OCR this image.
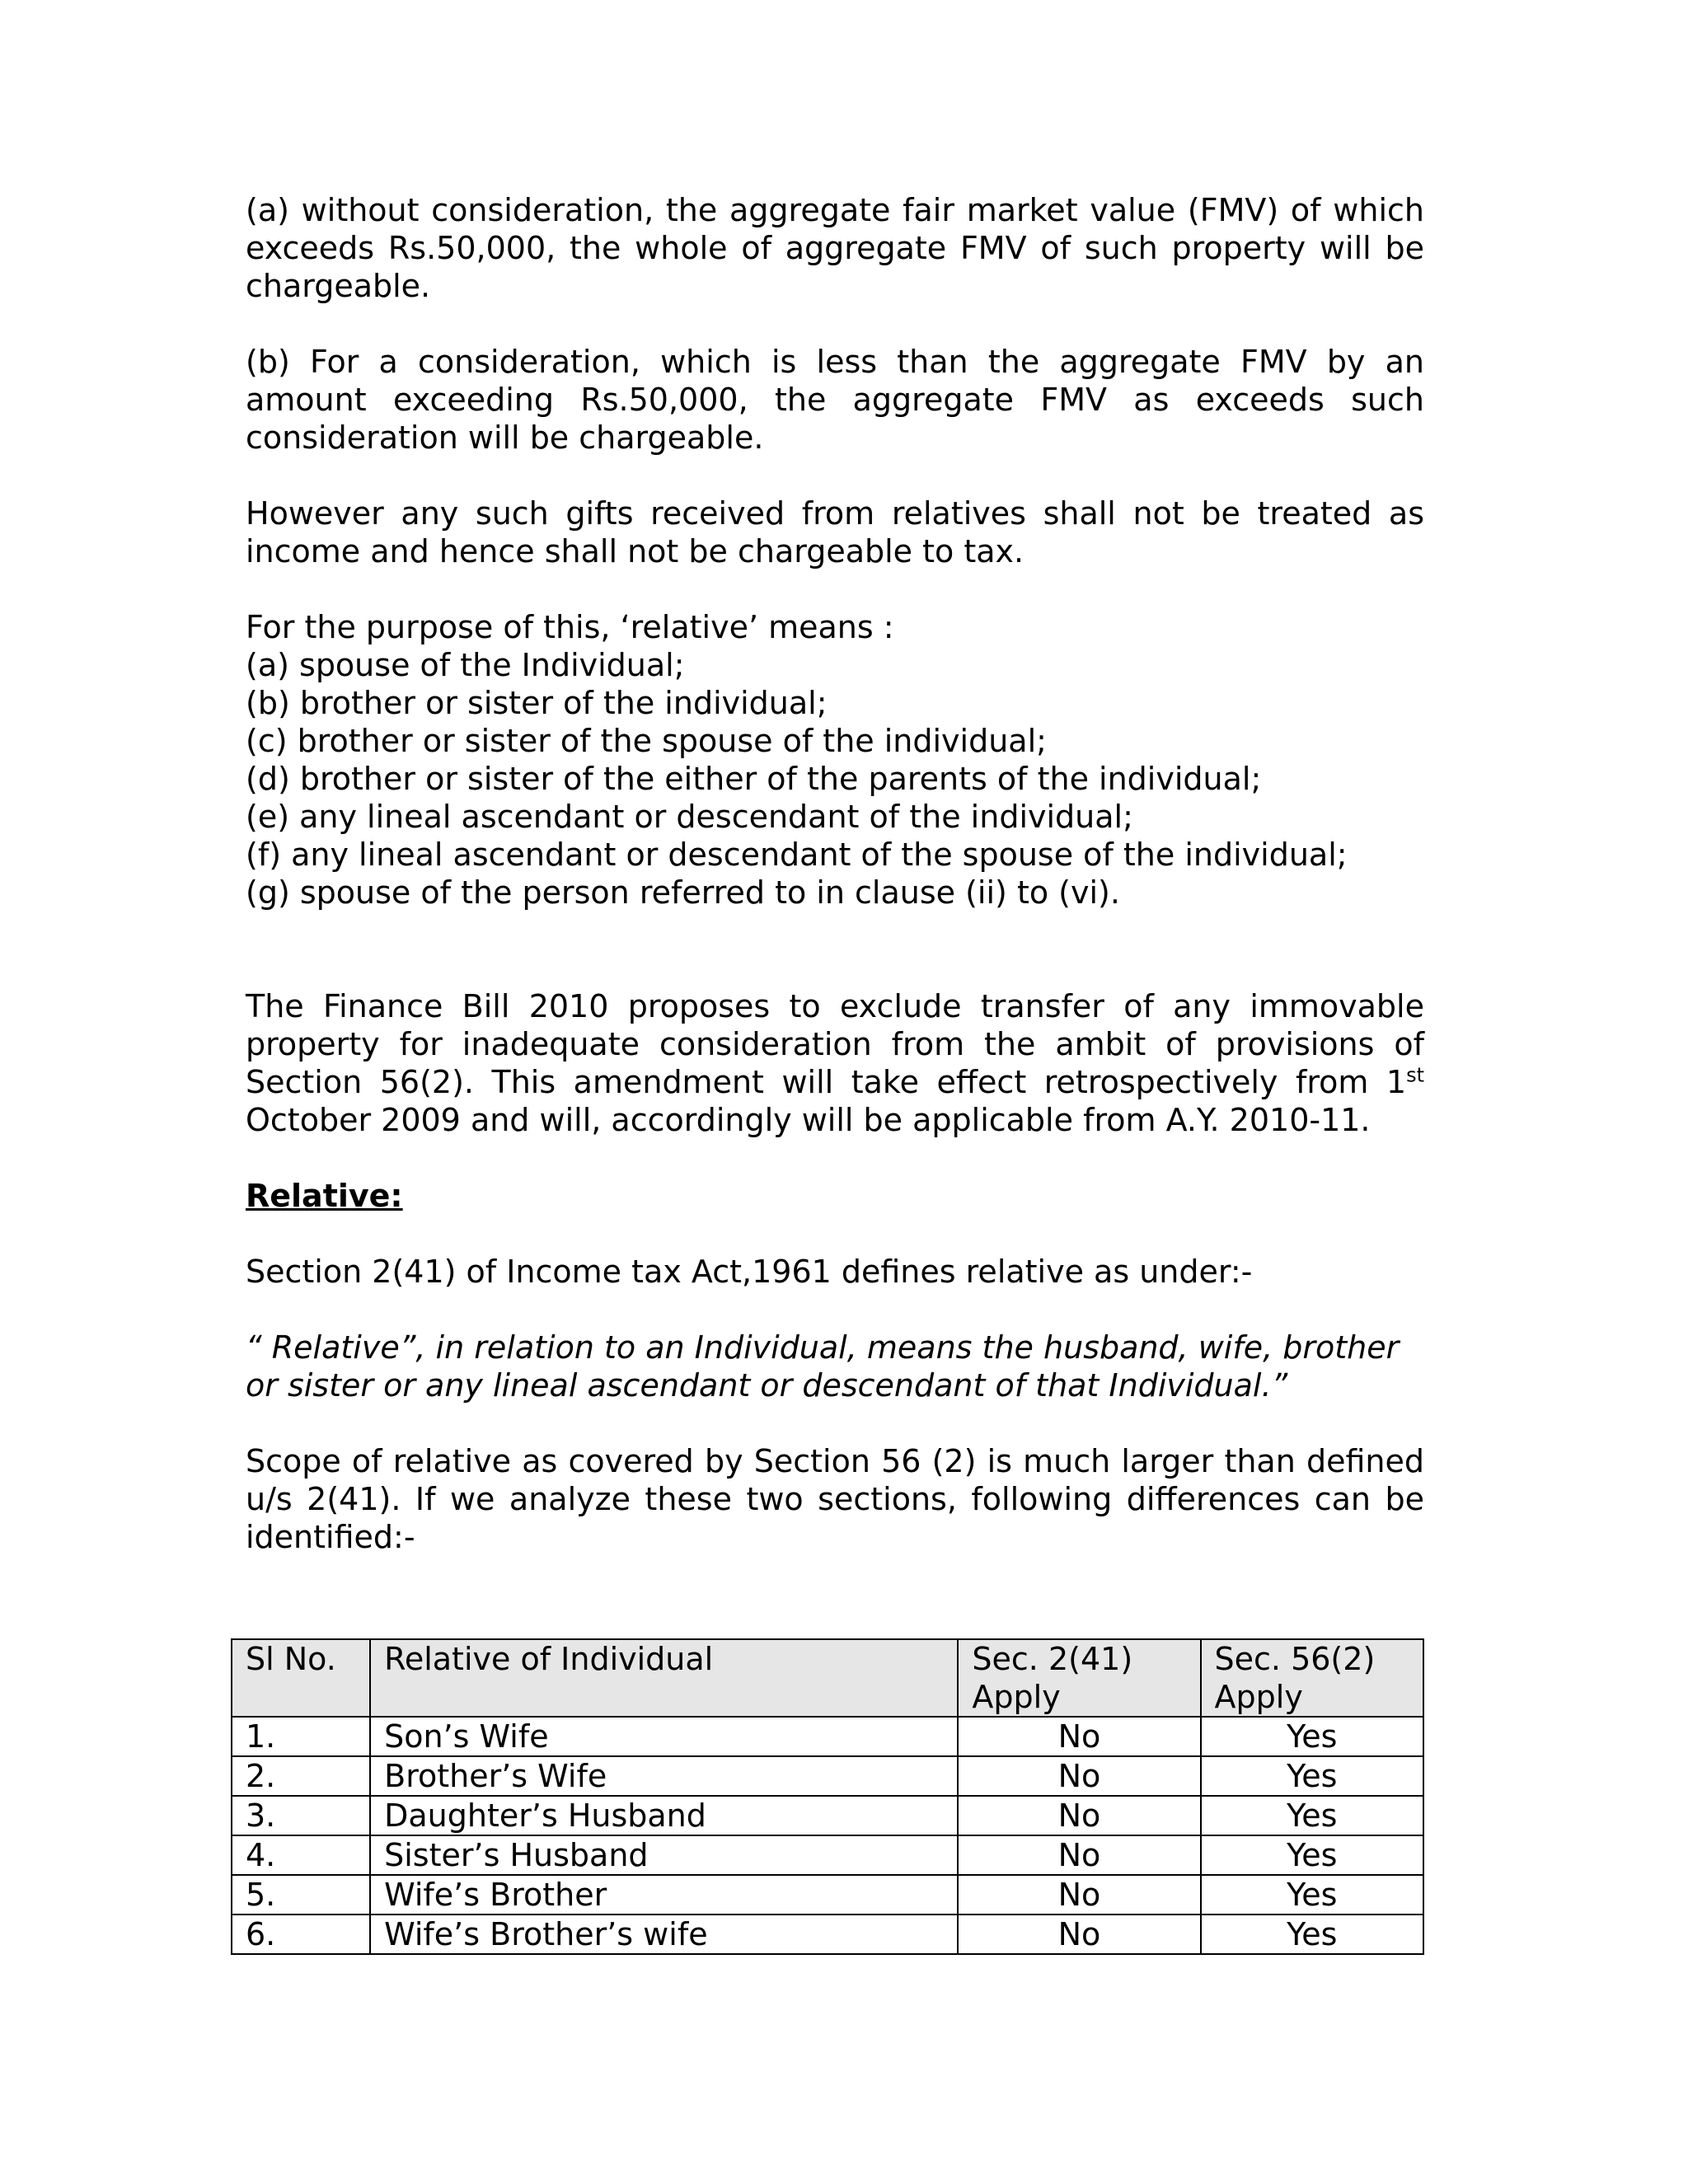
(a) without consideration, the aggregate fair market value (FMV) of which exceeds Rs.50,000, the whole of aggregate FMV of such property will be chargeable.

(b) For a consideration, which is less than the aggregate FMV by an amount exceeding Rs.50,000, the aggregate FMV as exceeds such consideration will be chargeable.

However any such gifts received from relatives shall not be treated as income and hence shall not be chargeable to tax.

For the purpose of this, ‘relative’ means :

(a) spouse of the Individual;

(b) brother or sister of the individual;

(c) brother or sister of the spouse of the individual;

(d) brother or sister of the either of the parents of the individual;

(e) any lineal ascendant or descendant of the individual;

(f) any lineal ascendant or descendant of the spouse of the individual;

(g) spouse of the person referred to in clause (ii) to (vi).

The Finance Bill 2010 proposes to exclude transfer of any immovable property for inadequate consideration from the ambit of provisions of Section 56(2). This amendment will take effect retrospectively from 1st October 2009 and will, accordingly will be applicable from A.Y. 2010-11.

Relative:

Section 2(41) of Income tax Act,1961 defines relative as under:-

“ Relative”, in relation to an Individual, means the husband, wife, brother or sister or any lineal ascendant or descendant of that Individual.”

Scope of relative as covered by Section 56 (2) is much larger than defined u/s 2(41). If we analyze these two sections, following differences can be identified:-

Sl No.	Relative of Individual	Sec. 2(41) Apply	Sec. 56(2) Apply
1.	Son’s Wife	No	Yes
2.	Brother’s Wife	No	Yes
3.	Daughter’s Husband	No	Yes
4.	Sister’s Husband	No	Yes
5.	Wife’s Brother	No	Yes
6.	Wife’s Brother’s wife	No	Yes
